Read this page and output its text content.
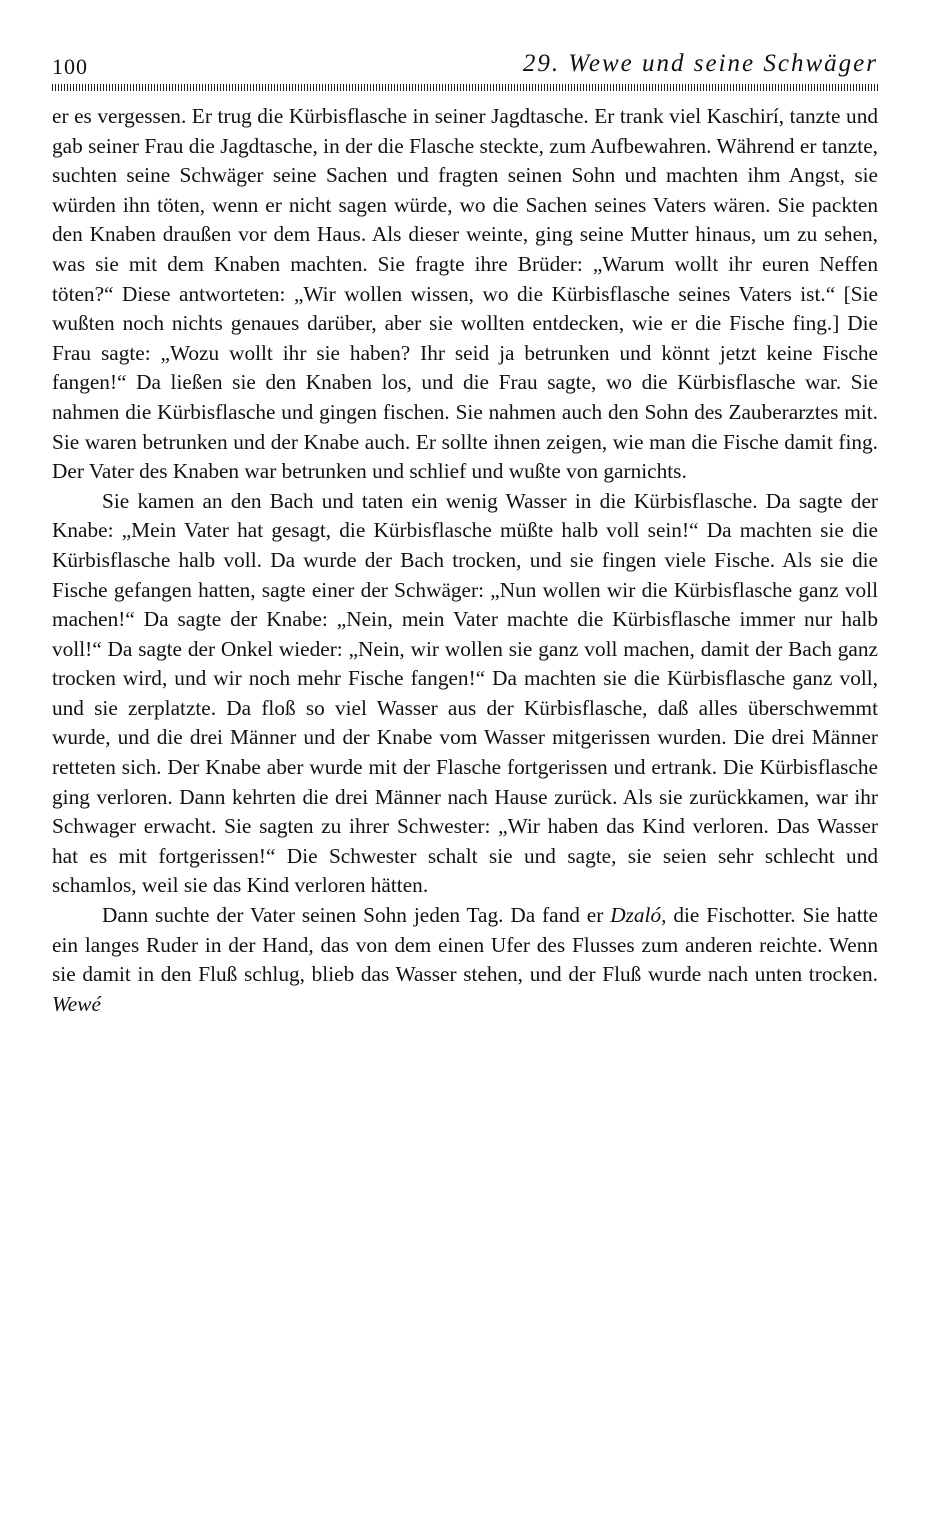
100	29. Wewe und seine Schwäger

er es vergessen. Er trug die Kürbisflasche in seiner Jagdtasche. Er trank viel Kaschirí, tanzte und gab seiner Frau die Jagdtasche, in der die Flasche steckte, zum Aufbewahren. Während er tanzte, suchten seine Schwäger seine Sachen und fragten seinen Sohn und machten ihm Angst, sie würden ihn töten, wenn er nicht sagen würde, wo die Sachen seines Vaters wären. Sie packten den Knaben draußen vor dem Haus. Als dieser weinte, ging seine Mutter hinaus, um zu sehen, was sie mit dem Knaben machten. Sie fragte ihre Brüder: „Warum wollt ihr euren Neffen töten?“ Diese antworteten: „Wir wollen wissen, wo die Kürbisflasche seines Vaters ist.“ [Sie wußten noch nichts genaues darüber, aber sie wollten entdecken, wie er die Fische fing.] Die Frau sagte: „Wozu wollt ihr sie haben? Ihr seid ja betrunken und könnt jetzt keine Fische fangen!“ Da ließen sie den Knaben los, und die Frau sagte, wo die Kürbisflasche war. Sie nahmen die Kürbisflasche und gingen fischen. Sie nahmen auch den Sohn des Zauberarztes mit. Sie waren betrunken und der Knabe auch. Er sollte ihnen zeigen, wie man die Fische damit fing. Der Vater des Knaben war betrunken und schlief und wußte von garnichts.

Sie kamen an den Bach und taten ein wenig Wasser in die Kürbisflasche. Da sagte der Knabe: „Mein Vater hat gesagt, die Kürbisflasche müßte halb voll sein!“ Da machten sie die Kürbisflasche halb voll. Da wurde der Bach trocken, und sie fingen viele Fische. Als sie die Fische gefangen hatten, sagte einer der Schwäger: „Nun wollen wir die Kürbisflasche ganz voll machen!“ Da sagte der Knabe: „Nein, mein Vater machte die Kürbisflasche immer nur halb voll!“ Da sagte der Onkel wieder: „Nein, wir wollen sie ganz voll machen, damit der Bach ganz trocken wird, und wir noch mehr Fische fangen!“ Da machten sie die Kürbisflasche ganz voll, und sie zerplatzte. Da floß so viel Wasser aus der Kürbisflasche, daß alles überschwemmt wurde, und die drei Männer und der Knabe vom Wasser mitgerissen wurden. Die drei Männer retteten sich. Der Knabe aber wurde mit der Flasche fortgerissen und ertrank. Die Kürbisflasche ging verloren. Dann kehrten die drei Männer nach Hause zurück. Als sie zurückkamen, war ihr Schwager erwacht. Sie sagten zu ihrer Schwester: „Wir haben das Kind verloren. Das Wasser hat es mit fortgerissen!“ Die Schwester schalt sie und sagte, sie seien sehr schlecht und schamlos, weil sie das Kind verloren hätten.

Dann suchte der Vater seinen Sohn jeden Tag. Da fand er Dzaló, die Fischotter. Sie hatte ein langes Ruder in der Hand, das von dem einen Ufer des Flusses zum anderen reichte. Wenn sie damit in den Fluß schlug, blieb das Wasser stehen, und der Fluß wurde nach unten trocken. Wewé
